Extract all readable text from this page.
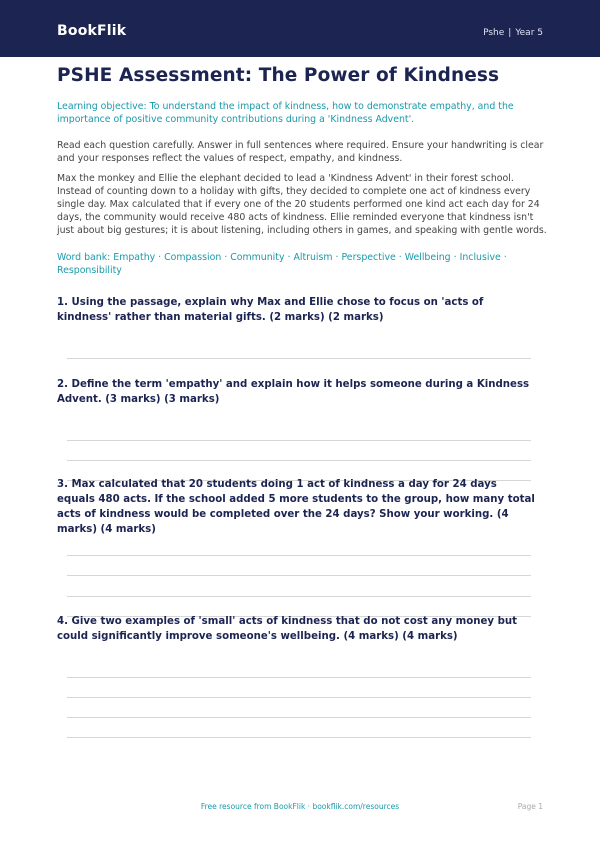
BookFlik	Pshe | Year 5
PSHE Assessment: The Power of Kindness

Learning objective: To understand the impact of kindness, how to demonstrate empathy, and the importance of positive community contributions during a 'Kindness Advent'.

Read each question carefully. Answer in full sentences where required. Ensure your handwriting is clear and your responses reflect the values of respect, empathy, and kindness.

Max the monkey and Ellie the elephant decided to lead a 'Kindness Advent' in their forest school. Instead of counting down to a holiday with gifts, they decided to complete one act of kindness every single day. Max calculated that if every one of the 20 students performed one kind act each day for 24 days, the community would receive 480 acts of kindness. Ellie reminded everyone that kindness isn't just about big gestures; it is about listening, including others in games, and speaking with gentle words.

Word bank: Empathy · Compassion · Community · Altruism · Perspective · Wellbeing · Inclusive · Responsibility

1. Using the passage, explain why Max and Ellie chose to focus on 'acts of kindness' rather than material gifts. (2 marks) (2 marks)
2. Define the term 'empathy' and explain how it helps someone during a Kindness Advent. (3 marks) (3 marks)
3. Max calculated that 20 students doing 1 act of kindness a day for 24 days equals 480 acts. If the school added 5 more students to the group, how many total acts of kindness would be completed over the 24 days? Show your working. (4 marks) (4 marks)
4. Give two examples of 'small' acts of kindness that do not cost any money but could significantly improve someone's wellbeing. (4 marks) (4 marks)
Free resource from BookFlik · bookflik.com/resources	Page 1
